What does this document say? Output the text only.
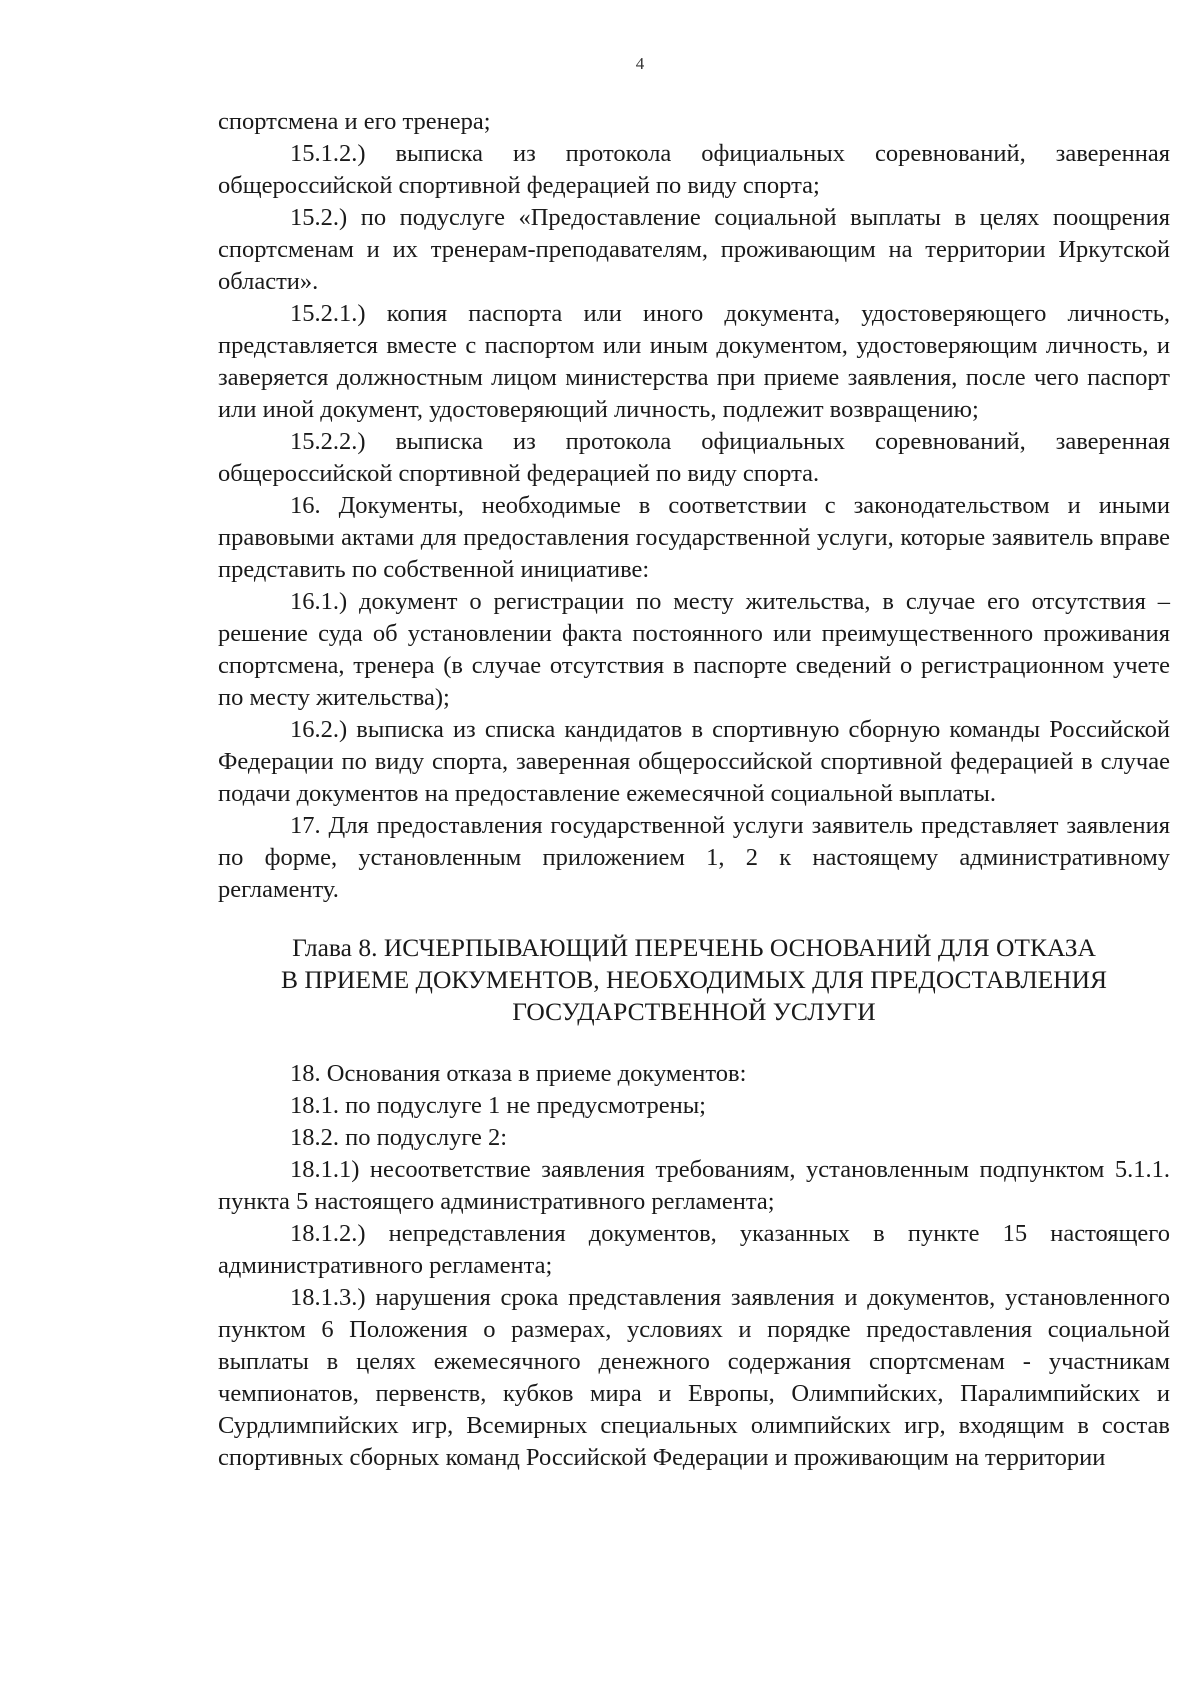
4

спортсмена и его тренера;

15.1.2.) выписка из протокола официальных соревнований, заверенная общероссийской спортивной федерацией по виду спорта;

15.2.) по подуслуге «Предоставление социальной выплаты в целях поощрения спортсменам и их тренерам-преподавателям, проживающим на территории Иркутской области».

15.2.1.) копия паспорта или иного документа, удостоверяющего личность, представляется вместе с паспортом или иным документом, удостоверяющим личность, и заверяется должностным лицом министерства при приеме заявления, после чего паспорт или иной документ, удостоверяющий личность, подлежит возвращению;

15.2.2.) выписка из протокола официальных соревнований, заверенная общероссийской спортивной федерацией по виду спорта.

16. Документы, необходимые в соответствии с законодательством и иными правовыми актами для предоставления государственной услуги, которые заявитель вправе представить по собственной инициативе:

16.1.) документ о регистрации по месту жительства, в случае его отсутствия – решение суда об установлении факта постоянного или преимущественного проживания спортсмена, тренера (в случае отсутствия в паспорте сведений о регистрационном учете по месту жительства);

16.2.) выписка из списка кандидатов в спортивную сборную команды Российской Федерации по виду спорта, заверенная общероссийской спортивной федерацией в случае подачи документов на предоставление ежемесячной социальной выплаты.

17. Для предоставления государственной услуги заявитель представляет заявления по форме, установленным приложением 1, 2 к настоящему административному регламенту.

Глава 8. ИСЧЕРПЫВАЮЩИЙ ПЕРЕЧЕНЬ ОСНОВАНИЙ ДЛЯ ОТКАЗА
В ПРИЕМЕ ДОКУМЕНТОВ, НЕОБХОДИМЫХ ДЛЯ ПРЕДОСТАВЛЕНИЯ
ГОСУДАРСТВЕННОЙ УСЛУГИ

18. Основания отказа в приеме документов:

18.1. по подуслуге 1 не предусмотрены;

18.2. по подуслуге 2:

18.1.1) несоответствие заявления требованиям, установленным подпунктом 5.1.1. пункта 5 настоящего административного регламента;

18.1.2.) непредставления документов, указанных в пункте 15 настоящего административного регламента;

18.1.3.) нарушения срока представления заявления и документов, установленного пунктом 6 Положения о размерах, условиях и порядке предоставления социальной выплаты в целях ежемесячного денежного содержания спортсменам - участникам чемпионатов, первенств, кубков мира и Европы, Олимпийских, Паралимпийских и Сурдлимпийских игр, Всемирных специальных олимпийских игр, входящим в состав спортивных сборных команд Российской Федерации и проживающим на территории
